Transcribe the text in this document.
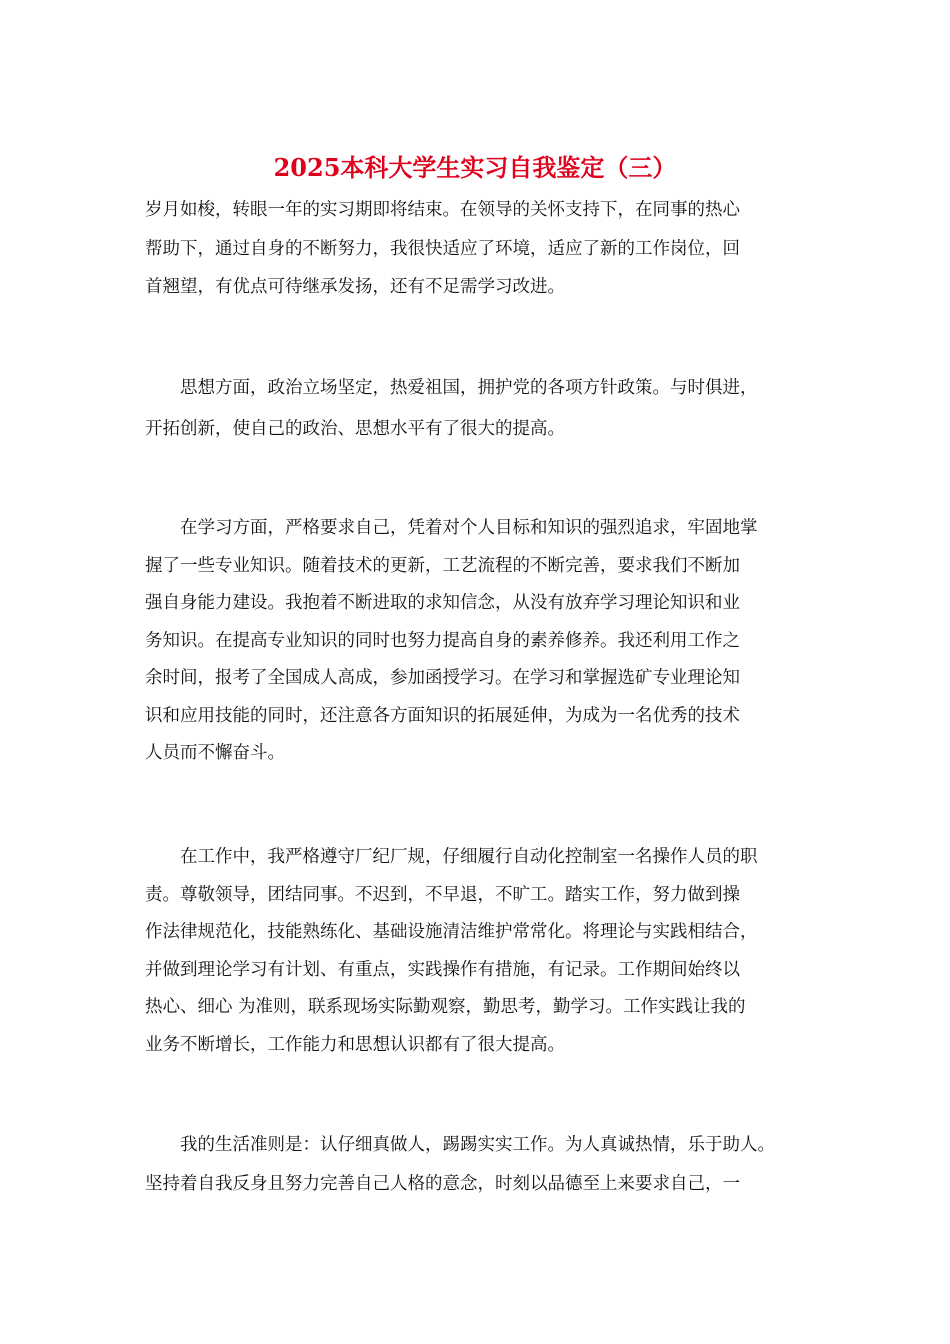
2025本科大学生实习自我鉴定（三）
岁月如梭，转眼一年的实习期即将结束。在领导的关怀支持下，在同事的热心
帮助下，通过自身的不断努力，我很快适应了环境，适应了新的工作岗位，回
首翘望，有优点可待继承发扬，还有不足需学习改进。
　　思想方面，政治立场坚定，热爱祖国，拥护党的各项方针政策。与时俱进，
开拓创新，使自己的政治、思想水平有了很大的提高。
　　在学习方面，严格要求自己，凭着对个人目标和知识的强烈追求，牢固地掌
握了一些专业知识。随着技术的更新，工艺流程的不断完善，要求我们不断加
强自身能力建设。我抱着不断进取的求知信念，从没有放弃学习理论知识和业
务知识。在提高专业知识的同时也努力提高自身的素养修养。我还利用工作之
余时间，报考了全国成人高成，参加函授学习。在学习和掌握选矿专业理论知
识和应用技能的同时，还注意各方面知识的拓展延伸，为成为一名优秀的技术
人员而不懈奋斗。
　　在工作中，我严格遵守厂纪厂规，仔细履行自动化控制室一名操作人员的职
责。尊敬领导，团结同事。不迟到，不早退，不旷工。踏实工作，努力做到操
作法律规范化，技能熟练化、基础设施清洁维护常常化。将理论与实践相结合，
并做到理论学习有计划、有重点，实践操作有措施，有记录。工作期间始终以
热心、细心 为准则，联系现场实际勤观察，勤思考，勤学习。工作实践让我的
业务不断增长，工作能力和思想认识都有了很大提高。
　　我的生活准则是：认仔细真做人，踢踢实实工作。为人真诚热情，乐于助人。
坚持着自我反身且努力完善自己人格的意念，时刻以品德至上来要求自己，一
